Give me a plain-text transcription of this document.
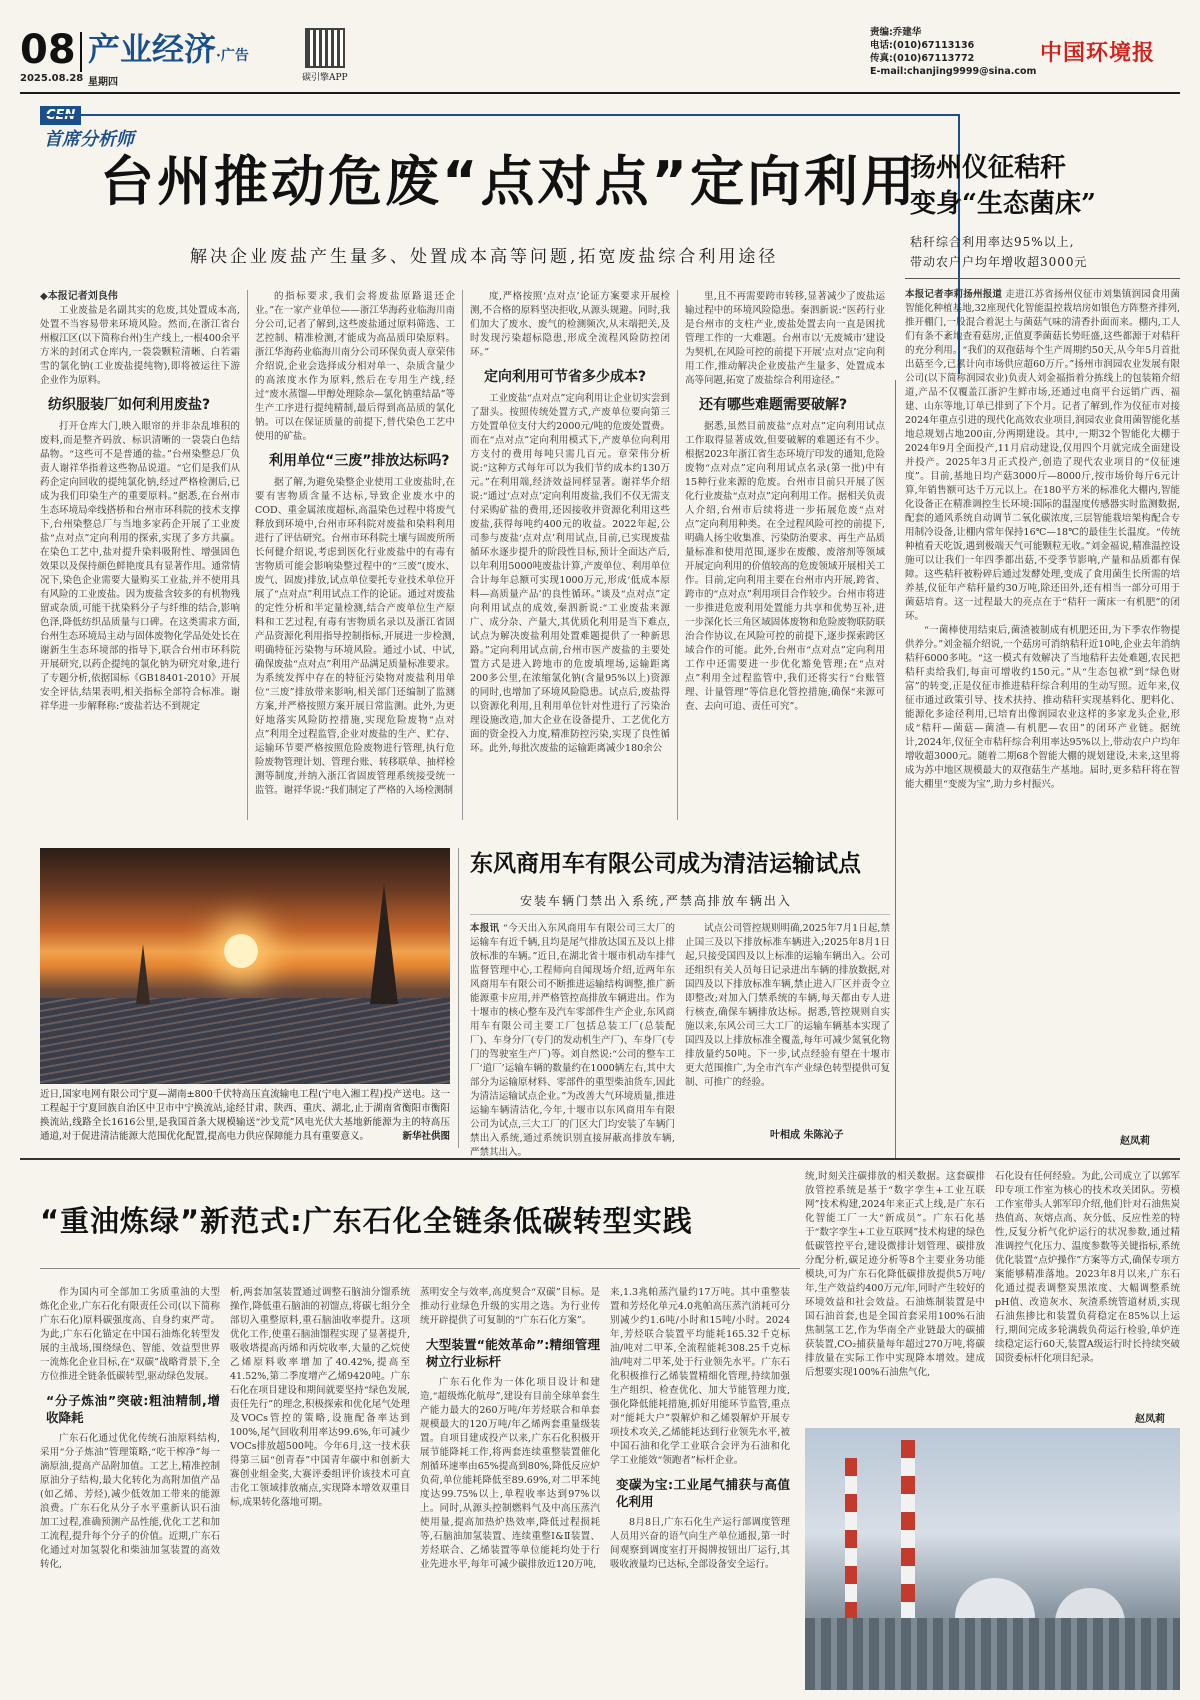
08 产业经济·广告
2025.08.28 星期四	碳引擎APP
责编:乔建华
电话:(010)67113136
传真:(010)67113772
E-mail:chanjing9999@sina.com
中国环境报
首席分析师
台州推动危废“点对点”定向利用
解决企业废盐产生量多、处置成本高等问题,拓宽废盐综合利用途径
◆本报记者刘良伟
工业废盐是名副其实的危废,其处置成本高,处置不当容易带来环境风险。然而,在浙江省台州椒江区(以下简称台州)生产线上,一根400余平方米的封闭式仓库内,一袋袋颗粒清晰、白若霜雪的氯化钠(工业废盐提纯物),即将被运往下游企业作为原料。
纺织服装厂如何利用废盐?
打开仓库大门,映入眼帘的并非杂乱堆积的废料,而是整齐码放、标识清晰的一袋袋白色结晶物。“这些可不是普通的盐。”台州染整总厂负责人谢祥华指着这些物品说道。“它们是我们从药企定向回收的提纯氯化钠,经过严格检测后,已成为我们印染生产的重要原料。”据悉,在台州市生态环境局牵线搭桥和台州市环科院的技术支撑下,台州染整总厂与当地多家药企开展了工业废盐“点对点”定向利用的探索,实现了多方共赢。在染色工艺中,盐对提升染料吸附性、增强固色效果以及保持颜色鲜艳度具有显著作用。通常情况下,染色企业需要大量购买工业盐,并不使用具有风险的工业废盐。因为废盐含较多的有机物残留或杂质,可能干扰染料分子与纤维的结合,影响色泽,降低纺织品质量与口碑。在这类需求方面,台州生态环境局主动与固体废物化学品处处长在谢新生生态环境部的指导下,联合台州市环科院开展研究,以药企提纯的氯化钠为研究对象,进行了专题分析,依据国标《GB18401-2010》开展安全评估,结果表明,相关指标全部符合标准。谢祥华进一步解释称:“废盐若达不到规定
的指标要求,我们会将废盐原路退还企业。”在一家产业单位——浙江华海药业临海川南分公司,记者了解到,这些废盐通过原料筛选、工艺控制、精准检测,才能成为高品质印染原料。浙江华海药业临海川南分公司环保负责人章荣伟介绍说,企业会选择成分相对单一、杂质含量少的高浓度水作为原料,然后在专用生产线,经过“废水蒸馏—甲醇处理除杂—氯化钠重结晶”等生产工序进行提纯精制,最后得到高品质的氯化钠。可以在保证质量的前提下,替代染色工艺中使用的矿盐。
利用单位“三废”排放达标吗?
据了解,为避免染整企业使用工业废盐时,在要有害物质含量不达标,导致企业废水中的COD、重金属浓度超标,高温染色过程中将废气释放到环境中,台州市环科院对废盐和染料利用进行了评估研究。台州市环科院土壤与固废所所长何健介绍说,考虑到医化行业废盐中的有毒有害物质可能会影响染整过程中的“三废”(废水、废气、固废)排放,试点单位要托专业技术单位开展了“点对点”利用试点工作的论证。通过对废盐的定性分析和半定量检测,结合产废单位生产原料和工艺过程,有毒有害物质名录以及浙江省固产品资源化利用指导控制指标,开展进一步检测,明确特征污染物与环境风险。通过小试、中试,确保废盐“点对点”利用产品满足质量标准要求。为系统发挥中存在的特征污染物对废盐利用单位“三废”排放带来影响,相关部门还编制了监测方案,并严格按照方案开展日常监测。此外,为更好地落实风险防控措施,实现危险废物“点对点”利用全过程监管,企业对废盐的生产、贮存、运输环节要严格按照危险废物进行管理,执行危险废物管理计划、管理台账、转移联单、抽样检测等制度,并纳入浙江省固废管理系统接受统一监管。谢祥华说:“我们制定了严格的入场检测制
度,严格按照‘点对点’论证方案要求开展检测,不合格的原料坚决拒收,从源头规避。同时,我们加大了废水、废气的检测频次,从末端把关,及时发现污染超标隐患,形成全流程风险防控闭环。”
定向利用可节省多少成本?
工业废盐“点对点”定向利用让企业切实尝到了甜头。按照传统处置方式,产废单位要向第三方处置单位支付大约2000元/吨的危废处置费。而在“点对点”定向利用模式下,产废单位向利用方支付的费用每吨只需几百元。章荣伟分析说:“这种方式每年可以为我们节约成本约130万元。”在利用端,经济效益同样显著。谢祥华介绍说:“通过‘点对点’定向利用废盐,我们不仅无需支付采购矿盐的费用,还因接收并资源化利用这些废盐,获得每吨约400元的收益。2022年起,公司参与废盐‘点对点’利用试点,目前,已实现废盐循环水逐步提升的阶段性目标,预计全面达产后,以年利用5000吨废盐计算,产废单位、利用单位合计每年总额可实现1000万元,形成‘低成本原料—高质量产品’的良性循环。”谈及“点对点”定向利用试点的成效,秦泗新说:“工业废盐来源广、成分杂、产量大,其优质化利用是当下难点,试点为解决废盐利用处置难题提供了一种新思路。”定向利用试点前,台州市医产废盐的主要处置方式是进入跨地市的危废填埋场,运输距离200多公里,在浓缩氯化钠(含量95%以上)资源的同时,也增加了环境风险隐患。试点后,废盐得以资源化利用,且利用单位针对性进行了污染治理设施改造,加大企业在设备提升、工艺优化方面的资金投入力度,精准防控污染,实现了良性循环。此外,每批次废盐的运输距离减少180余公
里,且不再需要跨市转移,显著减少了废盐运输过程中的环境风险隐患。秦泗新说:“医药行业是台州市的支柱产业,废盐处置去向一直是困扰管理工作的一大难题。台州市以‘无废城市’建设为契机,在风险可控的前提下开展‘点对点’定向利用工作,推动解决企业废盐产生量多、处置成本高等问题,拓宽了废盐综合利用途径。”
还有哪些难题需要破解?
据悉,虽然目前废盐“点对点”定向利用试点工作取得显著成效,但要破解的难题还有不少。根据2023年浙江省生态环境厅印发的通知,危险废物“点对点”定向利用试点名录(第一批)中有15种行业来源的危废。台州市目前只开展了医化行业废盐“点对点”定向利用工作。据相关负责人介绍,台州市后续将进一步拓展危废“点对点”定向利用种类。在全过程风险可控的前提下,明确人扬尘收集准、污染防治要求、再生产品质量标准和使用范围,逐步在废酸、废溶剂等领域开展定向利用的价值较高的危废领域开展相关工作。目前,定向利用主要在台州市内开展,跨省、跨市的“点对点”利用项目合作较少。台州市将进一步推进危废利用处置能力共享和优势互补,进一步深化长三角区域固体废物和危险废物联防联治合作协议,在风险可控的前提下,逐步探索跨区域合作的可能。此外,台州市“点对点”定向利用工作中还需要进一步优化豁免管理;在“点对点”利用全过程监管中,我们还将实行“台账管理、计量管理”等信息化管控措施,确保“来源可查、去向可追、责任可究”。
扬州仪征秸秆
变身“生态菌床”
秸秆综合利用率达95%以上,
带动农户户均年增收超3000元
本报记者李莉扬州报道 走进江苏省扬州仪征市刘集镇润园食用菌智能化种植基地,32座现代化智能温控栽培房如银色方阵整齐排列,推开棚门,一股混合着泥土与菌菇气味的清香扑面而来。棚内,工人们有条不紊地查看菇房,正值夏季菌菇长势旺盛,这些都源于对秸秆的充分利用。“我们的双孢菇每个生产周期约50天,从今年5月首批出菇至今,已累计向市场供应超60万斤。”扬州市润园农业发展有限公司(以下简称润园农业)负责人刘金福指着分拣线上的包装箱介绍道,产品不仅覆盖江浙沪生鲜市场,还通过电商平台远销广西、福建、山东等地,订单已排到了下个月。记者了解到,作为仪征市对接2024年重点引进的现代化高效农业项目,润园农业食用菌智能化基地总规划占地200亩,分两期建设。其中,一期32个智能化大棚于2024年9月全面投产,11月启动建设,仅用四个月就完成全面建设并投产。2025年3月正式投产,创造了现代农业项目的“仪征速度”。目前,基地日均产菇3000斤—8000斤,按市场价每斤6元计算,年销售额可达千万元以上。在180平方米的标准化大棚内,智能化设备正在精准调控生长环境:国际的温湿度传感器实时监测数据,配套的通风系统自动调节二氧化碳浓度,三层智能栽培架构配合专用制冷设备,让棚内常年保持16℃—18℃的最佳生长温度。“传统种植看天吃饭,遇到极端天气可能颗粒无收。”刘金福说,精准温控设施可以让我们一年四季都出菇,不受季节影响,产量和品质都有保障。这些秸秆被粉碎后通过发酵处理,变成了食用菌生长所需的培养基,仪征年产秸秆量约30万吨,除还田外,还有相当一部分可用于菌菇培育。这一过程最大的亮点在于“秸秆一菌床一有机肥”的闭环。
“一菌棒使用结束后,菌渣被制成有机肥还田,为下季农作物提供养分。”刘金福介绍说,一个菇房可消纳秸秆近10吨,企业去年消纳秸秆6000多吨。“这一模式有效解决了当地秸秆去处难题,农民把秸秆卖给我们,每亩可增收约150元。”从“生态包袱”到“绿色财富”的转变,正是仪征市推进秸秆综合利用的生动写照。近年来,仪征市通过政策引导、技术扶持、推动秸秆实现基料化、肥料化、能源化多途径利用,已培育出像润园农业这样的多家龙头企业,形成“秸秆—菌菇—菌渣—有机肥—农田”的闭环产业链。据统计,2024年,仪征全市秸秆综合利用率达95%以上,带动农户户均年增收超3000元。随着二期68个智能大棚的规划建设,未来,这里将成为苏中地区规模最大的双孢菇生产基地。届时,更多秸秆将在智能大棚里“变废为宝”,助力乡村振兴。
赵凤莉
近日,国家电网有限公司宁夏—湖南±800千伏特高压直流输电工程(宁电入湘工程)投产送电。这一工程起于宁夏回族自治区中卫市中宁换流站,途经甘肃、陕西、重庆、湖北,止于湖南省衡阳市衡阳换流站,线路全长1616公里,是我国首条大规模输送“沙戈荒”风电光伏大基地新能源为主的特高压通道,对于促进清洁能源大范围优化配置,提高电力供应保障能力具有重要意义。	新华社供图
东风商用车有限公司成为清洁运输试点
安装车辆门禁出入系统,严禁高排放车辆出入
本报讯 “今天出入东风商用车有限公司三大厂的运输车有近千辆,且均是尾气排放达国五及以上排放标准的车辆。”近日,在湖北省十堰市机动车排气监督管理中心,工程师向自闻现场介绍,近两年东风商用车有限公司不断推进运输结构调整,推广新能源重卡应用,并严格管控高排放车辆进出。作为十堰市的核心整车及汽车零部件生产企业,东风商用车有限公司主要工厂包括总装工厂(总装配厂)、车身分厂(专门的发动机生产厂)、车身厂(专门的驾驶室生产厂)等。刘自然说:“公司的整车工厂‘道厂’运输车辆的数量约在1000辆左右,其中大部分为运输原材料、零部件的重型柴油货车,因此为清洁运输试点企业。”为改善大气环境质量,推进运输车辆清洁化,今年,十堰市以东风商用车有限公司为试点,三大工厂的门区大门均安装了车辆门禁出入系统,通过系统识别直接屏蔽高排放车辆,严禁其出入。
试点公司管控规则明确,2025年7月1日起,禁止国三及以下排放标准车辆进入;2025年8月1日起,只接受国四及以上标准的运输车辆出入。公司还组织有关人员每日记录进出车辆的排放数据,对国四及以下排放标准车辆,禁止进入厂区并责令立即整改;对加入门禁系统的车辆,每天都由专人进行核查,确保车辆排放达标。据悉,管控规则自实施以来,东风公司三大工厂的运输车辆基本实现了国四及以上排放标准全覆盖,每年可减少氮氧化物排放量约50吨。下一步,试点经验有望在十堰市更大范围推广,为全市汽车产业绿色转型提供可复制、可推广的经验。
叶相成 朱陈沁子
“重油炼绿”新范式:广东石化全链条低碳转型实践
作为国内可全部加工劣质重油的大型炼化企业,广东石化有限责任公司(以下简称广东石化)原料碳强度高、自身约束严苛。为此,广东石化锚定在中国石油炼化转型发展的主战场,围绕绿色、智能、效益型世界一流炼化企业目标,在“双碳”战略背景下,全方位推进全链条低碳转型,驱动绿色发展。
“分子炼油”突破:粗油精制,增收降耗
广东石化通过优化传统石油原料结构,采用“分子炼油”管理策略,“吃干榨净”每一滴原油,提高产品附加值。工艺上,精准控制原油分子结构,最大化转化为高附加值产品(如乙烯、芳烃),减少低效加工带来的能源浪费。广东石化从分子水平重新认识石油加工过程,准确预测产品性能,优化工艺和加工流程,提升每个分子的价值。近期,广东石化通过对加氢裂化和柴油加氢装置的高效转化,
析,两套加氢装置通过调整石脑油分馏系统操作,降低重石脑油的初馏点,将碳七组分全部切入重整原料,重石脑油收率提升。这项优化工作,使重石脑油馏程实现了显著提升,吸收塔提高丙烯和丙烷收率,大量的乙烷使乙烯原料收率增加了40.42%,提高至41.52%,第二季度增产乙烯9420吨。广东石化在项目建设和期间就要坚持“绿色发展,责任先行”的理念,积极探索和优化尾气处理及VOCs管控的策略,设施配备率达到100%,尾气回收利用率达99.6%,年可减少VOCs排放超500吨。今年6月,这一技术获得第三届“创青春”中国青年碳中和创新大赛创业组金奖,大赛评委组评价该技术可直击化工领域排放痛点,实现降本增效双重目标,成果转化落地可期。
蒸明安全与效率,高度契合“双碳”目标。是推动行业绿色升级的实用之选。为行业传统开辟提供了可复制的“广东石化方案”。
大型装置“能效革命”:精细管理树立行业标杆
广东石化作为一体化项目设计和建造,“超级炼化航母”,建设有目前全球单套生产能力最大的260万吨/年芳烃联合和单套规模最大的120万吨/年乙烯两套重量级装置。自项目建成投产以来,广东石化积极开展节能降耗工作,将两套连续重整装置催化剂循环速率由65%提高到80%,降低反应炉负荷,单位能耗降低至89.69%,对二甲苯纯度达99.75%以上,单程收率达到97%以上。同时,从源头控制燃料气及中高压蒸汽使用量,提高加热炉热效率,降低过程损耗等,石脑油加氢装置、连续重整Ⅰ&Ⅱ装置、芳烃联合、乙烯装置等单位能耗均处于行业先进水平,每年可减少碳排放近120万吨,
来,1.3兆帕蒸汽量约17万吨。其中重整装置和芳烃化单元4.0兆帕高压蒸汽消耗可分别减少约1.6吨/小时和15吨/小时。2024年,芳烃联合装置平均能耗165.32千克标油/吨对二甲苯,全流程能耗308.25千克标油/吨对二甲苯,处于行业领先水平。广东石化积极推行乙烯装置精细化管理,持续加强生产组织、检查优化、加大节能管理力度,强化降低能耗措施,抓好用能环节监管,重点对“能耗大户”裂解炉和乙烯裂解炉开展专项技术攻关,乙烯能耗达到行业领先水平,被中国石油和化学工业联合会评为石油和化学工业能效“领跑者”标杆企业。
变碳为宝:工业尾气捕获与高值化利用
8月8日,广东石化生产运行部调度管理人员用兴奋的语气向生产单位通报,第一时间观察到调度室打开揭牌按钮出厂运行,其吸收液量均已达标,全部设备安全运行。
统,时刻关注碳排放的相关数据。这套碳排放管控系统是基于“数字孪生+工业互联网”技术构建,2024年来正式上线,是广东石化智能工厂一大“新成员”。广东石化基于“数字孪生+工业互联网”技术构建的绿色低碳管控平台,建设微排计划管理、碳排放分配分析,碳足迹分析等8个主要业务功能模块,可为广东石化降低碳排放提供5万吨/年,生产效益约400万元/年,同时产生较好的环境效益和社会效益。石油炼制装置是中国石油首套,也是全国首套采用100%石油焦制氢工艺,作为华南全产业链最大的碳捕获装置,CO₂捕获量每年超过270万吨,将碳排放量在实际工作中实现降本增效。建成后想要实现100%石油焦气化,
石化设有任何经验。为此,公司成立了以郭军印专项工作室为核心的技术攻关团队。劳模工作室带头人郭军印介绍,他们针对石油焦炭热值高、灰熔点高、灰分低、反应性差的特性,反复分析气化炉运行的状况参数,通过精准调控气化压力、温度参数等关键指标,系统优化装置“点炉操作”方案等方式,确保专项方案能够精准落地。2023年8月以来,广东石化通过提表调整炭黑浓度、大幅调整系统pH值、改造灰水、灰渣系统管道材质,实现石油焦掺比和装置负荷稳定在85%以上运行,期间完成多轮满载负荷运行检验,单炉连续稳定运行60天,装置A级运行时长持续突破国资委标杆化项目纪录。
赵凤莉
